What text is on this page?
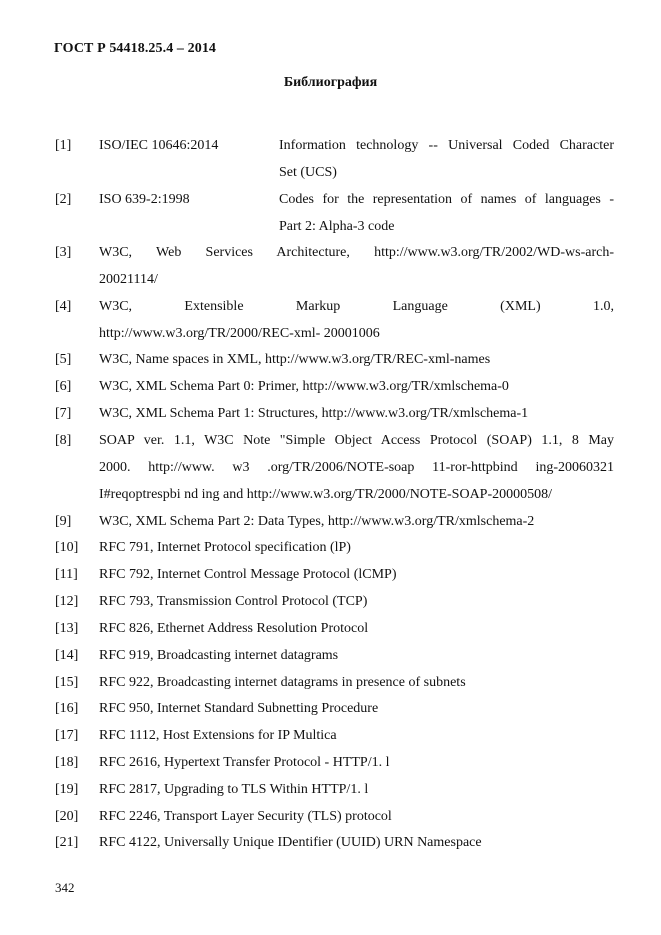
ГОСТ Р 54418.25.4 – 2014
Библиография
[1] ISO/IEC 10646:2014	Information technology -- Universal Coded Character
Set (UCS)
[2] ISO 639-2:1998	Codes for the representation of names of languages -
Part 2: Alpha-3 code
[3] W3C, Web Services Architecture, http://www.w3.org/TR/2002/WD-ws-arch-
20021114/
[4] W3C, Extensible Markup Language (XML) 1.0,
http://www.w3.org/TR/2000/REC-xml- 20001006
[5] W3C, Name spaces in XML, http://www.w3.org/TR/REC-xml-names
[6] W3C, XML Schema Part 0: Primer, http://www.w3.org/TR/xmlschema-0
[7] W3C, XML Schema Part 1: Structures, http://www.w3.org/TR/xmlschema-1
[8] SOAP ver. 1.1, W3C Note "Simple Object Access Protocol (SOAP) 1.1, 8 May
2000. http://www. w3 .org/TR/2006/NOTE-soap 11-ror-httpbind ing-20060321
I#reqoptrespbi nd ing and http://www.w3.org/TR/2000/NOTE-SOAP-20000508/
[9] W3C, XML Schema Part 2: Data Types, http://www.w3.org/TR/xmlschema-2
[10] RFC 791, Internet Protocol specification (lP)
[11] RFC 792, Internet Control Message Protocol (lCMP)
[12] RFC 793, Transmission Control Protocol (TCP)
[13] RFC 826, Ethernet Address Resolution Protocol
[14] RFC 919, Broadcasting internet datagrams
[15] RFC 922, Broadcasting internet datagrams in presence of subnets
[16] RFC 950, Internet Standard Subnetting Procedure
[17] RFC 1112, Host Extensions for IP Multica
[18] RFC 2616, Hypertext Transfer Protocol - HTTP/1. l
[19] RFC 2817, Upgrading to TLS Within HTTP/1. l
[20] RFC 2246, Transport Layer Security (TLS) protocol
[21] RFC 4122, Universally Unique IDentifier (UUID) URN Namespace
342
